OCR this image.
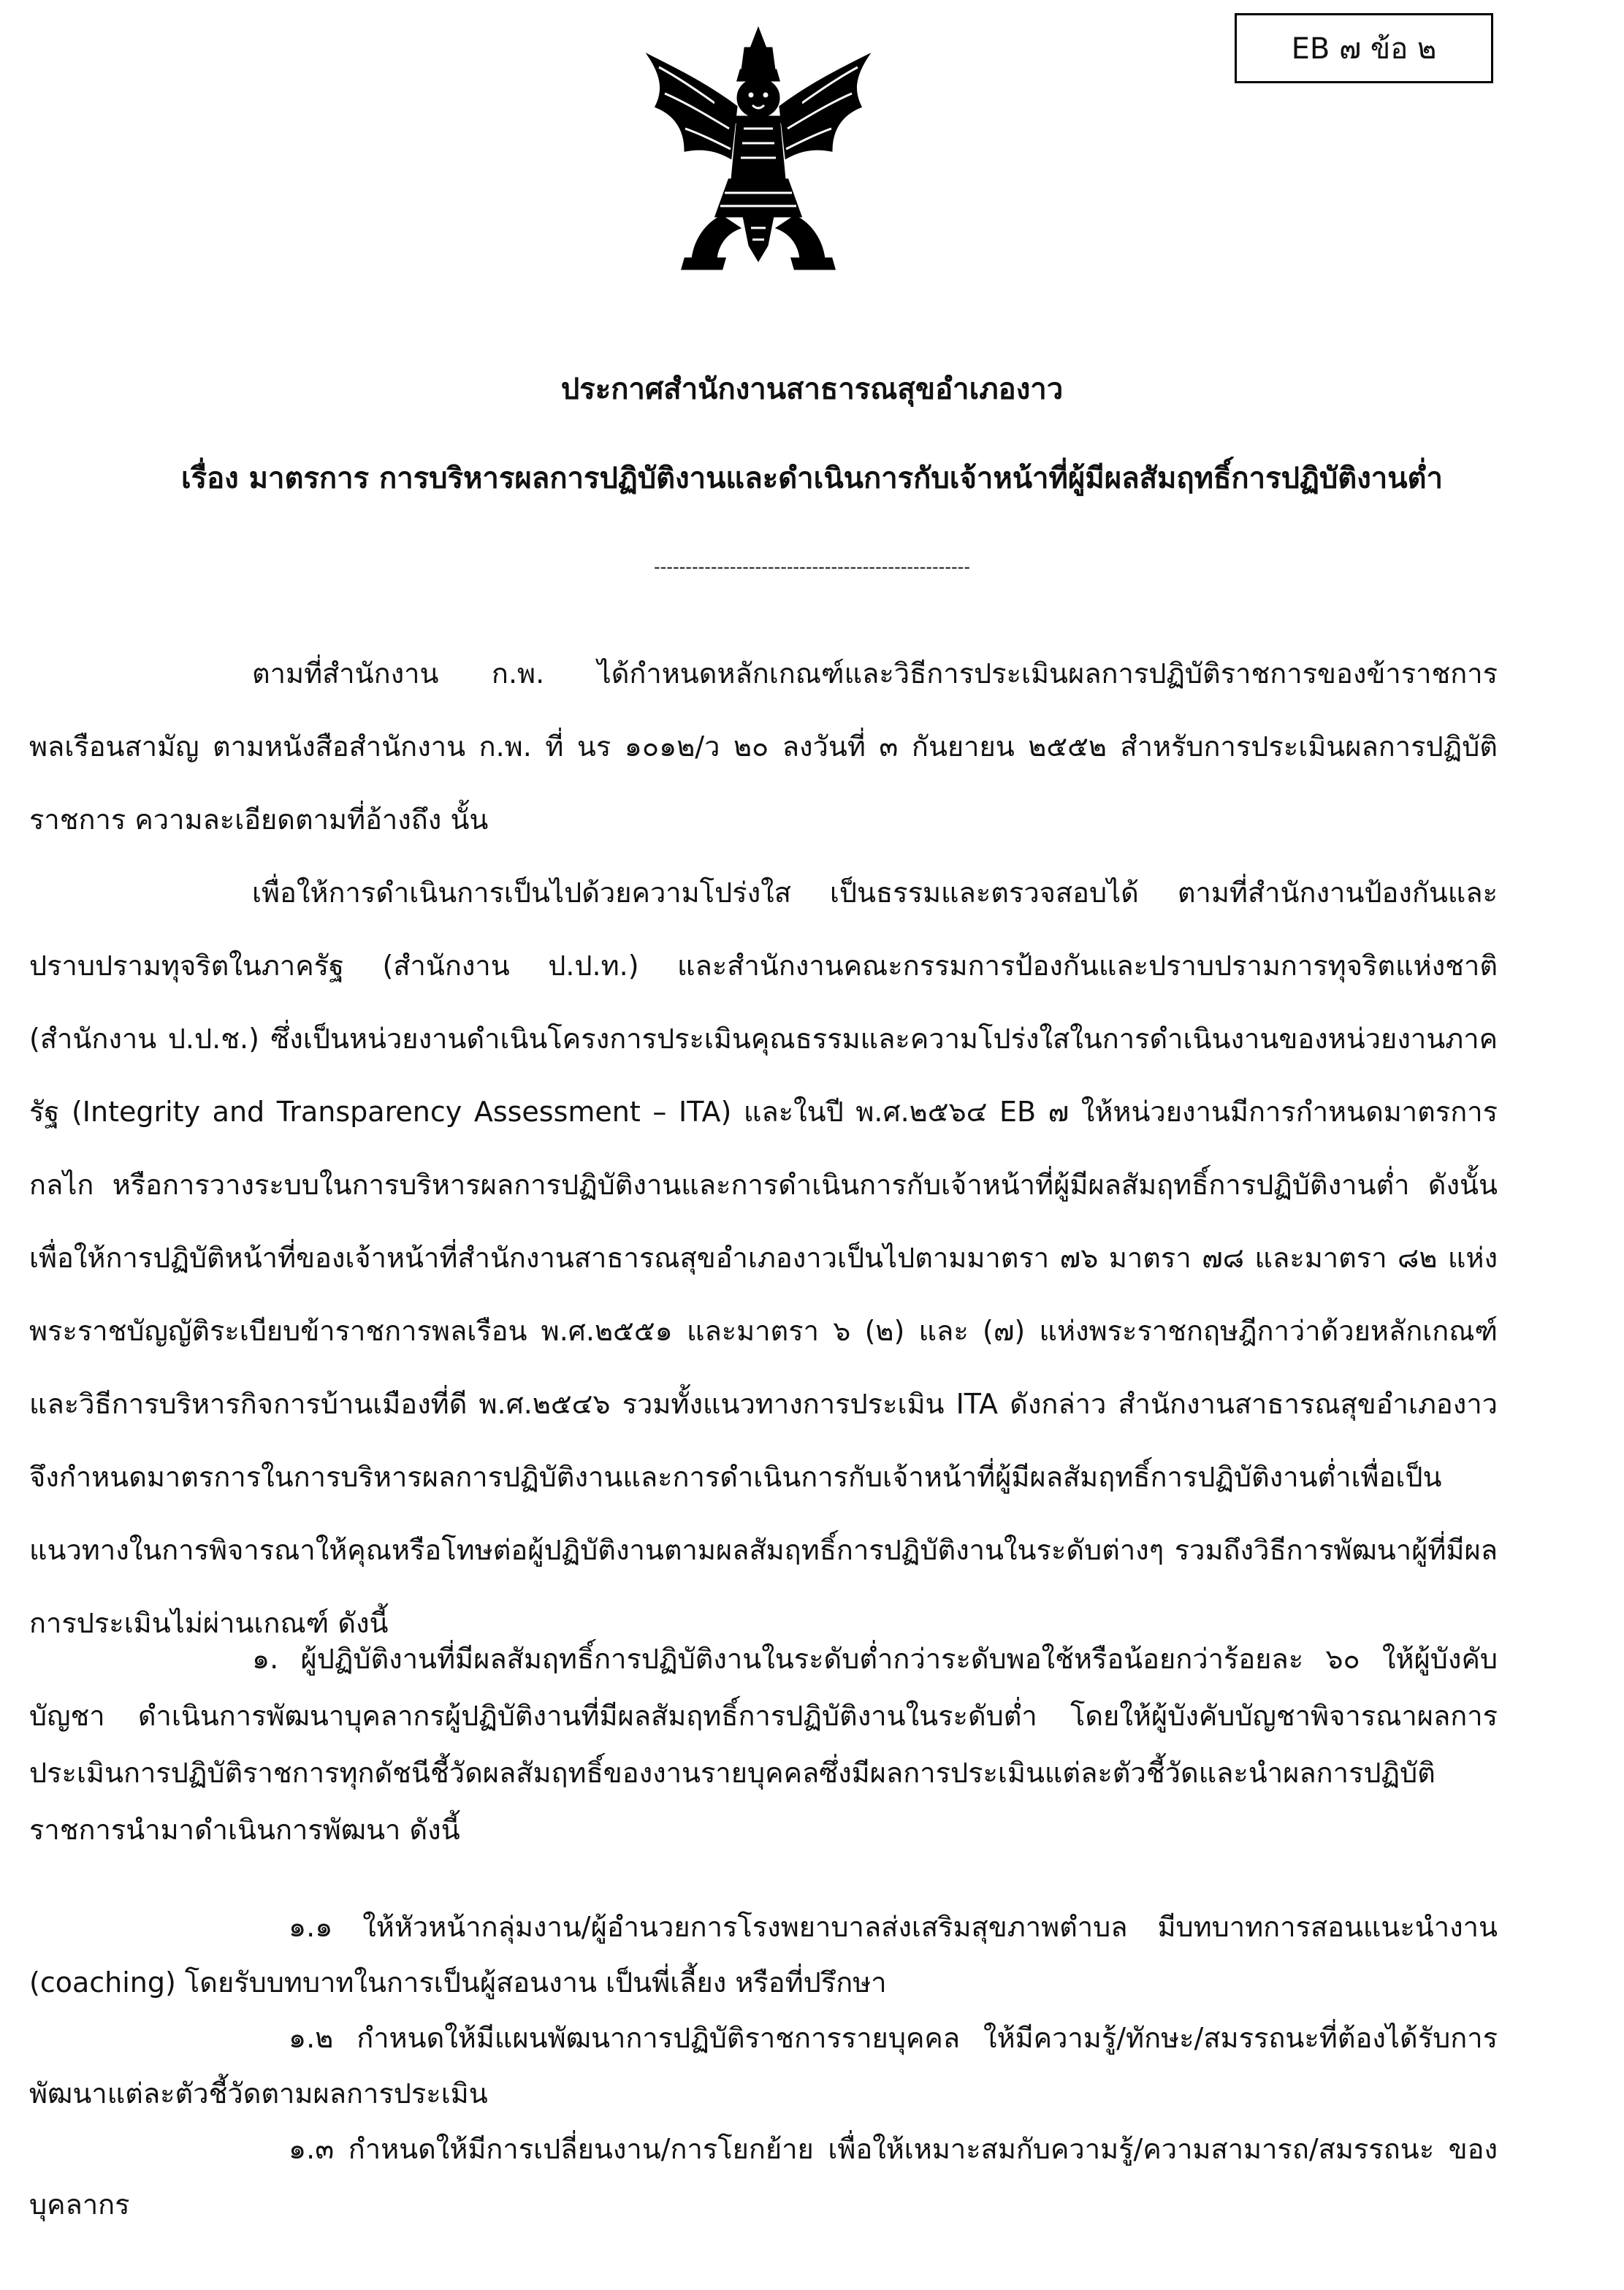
EB ๗ ข้อ ๒
ประกาศสำนักงานสาธารณสุขอำเภองาว
เรื่อง มาตรการ การบริหารผลการปฏิบัติงานและดำเนินการกับเจ้าหน้าที่ผู้มีผลสัมฤทธิ์การปฏิบัติงานต่ำ
--------------------------------------------------

ตามที่สำนักงาน ก.พ. ได้กำหนดหลักเกณฑ์และวิธีการประเมินผลการปฏิบัติราชการของข้าราชการพลเรือนสามัญ ตามหนังสือสำนักงาน ก.พ. ที่ นร ๑๐๑๒/ว ๒๐ ลงวันที่ ๓ กันยายน ๒๕๕๒ สำหรับการประเมินผลการปฏิบัติราชการ ความละเอียดตามที่อ้างถึง นั้น

เพื่อให้การดำเนินการเป็นไปด้วยความโปร่งใส เป็นธรรมและตรวจสอบได้ ตามที่สำนักงานป้องกันและปราบปรามทุจริตในภาครัฐ (สำนักงาน ป.ป.ท.) และสำนักงานคณะกรรมการป้องกันและปราบปรามการทุจริตแห่งชาติ (สำนักงาน ป.ป.ช.) ซึ่งเป็นหน่วยงานดำเนินโครงการประเมินคุณธรรมและความโปร่งใสในการดำเนินงานของหน่วยงานภาครัฐ (Integrity and Transparency Assessment – ITA) และในปี พ.ศ.๒๕๖๔ EB ๗ ให้หน่วยงานมีการกำหนดมาตรการ กลไก หรือการวางระบบในการบริหารผลการปฏิบัติงานและการดำเนินการกับเจ้าหน้าที่ผู้มีผลสัมฤทธิ์การปฏิบัติงานต่ำ ดังนั้นเพื่อให้การปฏิบัติหน้าที่ของเจ้าหน้าที่สำนักงานสาธารณสุขอำเภองาวเป็นไปตามมาตรา ๗๖ มาตรา ๗๘ และมาตรา ๘๒ แห่งพระราชบัญญัติระเบียบข้าราชการพลเรือน พ.ศ.๒๕๕๑ และมาตรา ๖ (๒) และ (๗) แห่งพระราชกฤษฎีกาว่าด้วยหลักเกณฑ์และวิธีการบริหารกิจการบ้านเมืองที่ดี พ.ศ.๒๕๔๖ รวมทั้งแนวทางการประเมิน ITA ดังกล่าว สำนักงานสาธารณสุขอำเภองาว จึงกำหนดมาตรการในการบริหารผลการปฏิบัติงานและการดำเนินการกับเจ้าหน้าที่ผู้มีผลสัมฤทธิ์การปฏิบัติงานต่ำเพื่อเป็นแนวทางในการพิจารณาให้คุณหรือโทษต่อผู้ปฏิบัติงานตามผลสัมฤทธิ์การปฏิบัติงานในระดับต่างๆ รวมถึงวิธีการพัฒนาผู้ที่มีผลการประเมินไม่ผ่านเกณฑ์ ดังนี้

๑. ผู้ปฏิบัติงานที่มีผลสัมฤทธิ์การปฏิบัติงานในระดับต่ำกว่าระดับพอใช้หรือน้อยกว่าร้อยละ ๖๐ ให้ผู้บังคับบัญชา ดำเนินการพัฒนาบุคลากรผู้ปฏิบัติงานที่มีผลสัมฤทธิ์การปฏิบัติงานในระดับต่ำ โดยให้ผู้บังคับบัญชาพิจารณาผลการประเมินการปฏิบัติราชการทุกดัชนีชี้วัดผลสัมฤทธิ์ของงานรายบุคคลซึ่งมีผลการประเมินแต่ละตัวชี้วัดและนำผลการปฏิบัติราชการนำมาดำเนินการพัฒนา ดังนี้

๑.๑ ให้หัวหน้ากลุ่มงาน/ผู้อำนวยการโรงพยาบาลส่งเสริมสุขภาพตำบล มีบทบาทการสอนแนะนำงาน (coaching) โดยรับบทบาทในการเป็นผู้สอนงาน เป็นพี่เลี้ยง หรือที่ปรึกษา

๑.๒ กำหนดให้มีแผนพัฒนาการปฏิบัติราชการรายบุคคล ให้มีความรู้/ทักษะ/สมรรถนะที่ต้องได้รับการพัฒนาแต่ละตัวชี้วัดตามผลการประเมิน

๑.๓ กำหนดให้มีการเปลี่ยนงาน/การโยกย้าย เพื่อให้เหมาะสมกับความรู้/ความสามารถ/สมรรถนะ ของบุคลากร
